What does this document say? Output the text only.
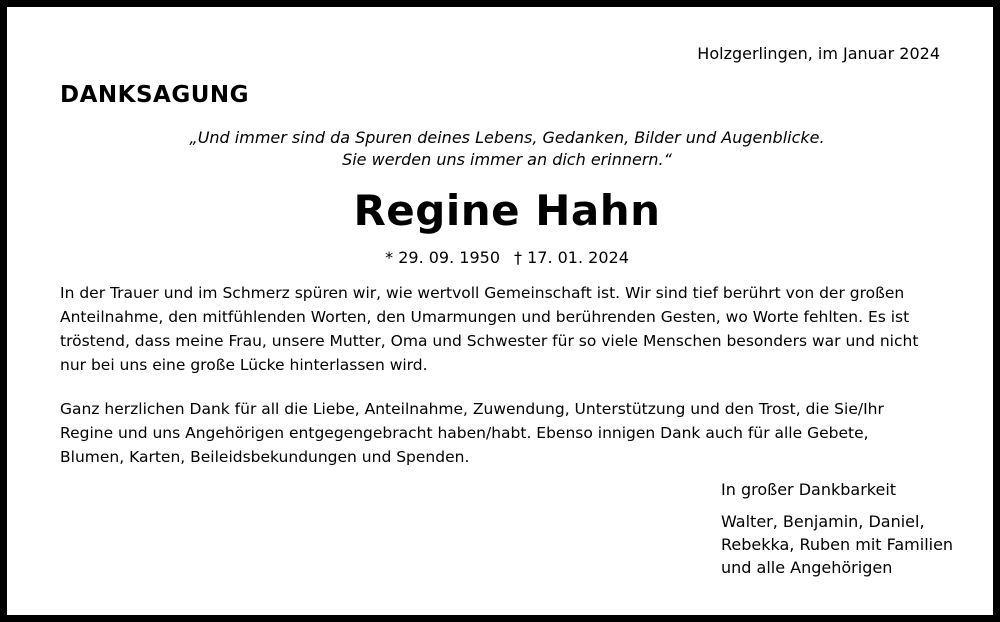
Holzgerlingen, im Januar 2024
DANKSAGUNG
„Und immer sind da Spuren deines Lebens, Gedanken, Bilder und Augenblicke.
Sie werden uns immer an dich erinnern.“
Regine Hahn
* 29. 09. 1950 † 17. 01. 2024
In der Trauer und im Schmerz spüren wir, wie wertvoll Gemeinschaft ist. Wir sind tief berührt von der großen
Anteilnahme, den mitfühlenden Worten, den Umarmungen und berührenden Gesten, wo Worte fehlten. Es ist
tröstend, dass meine Frau, unsere Mutter, Oma und Schwester für so viele Menschen besonders war und nicht
nur bei uns eine große Lücke hinterlassen wird.
Ganz herzlichen Dank für all die Liebe, Anteilnahme, Zuwendung, Unterstützung und den Trost, die Sie/Ihr
Regine und uns Angehörigen entgegengebracht haben/habt. Ebenso innigen Dank auch für alle Gebete,
Blumen, Karten, Beileidsbekundungen und Spenden.
In großer Dankbarkeit
Walter, Benjamin, Daniel,
Rebekka, Ruben mit Familien
und alle Angehörigen
